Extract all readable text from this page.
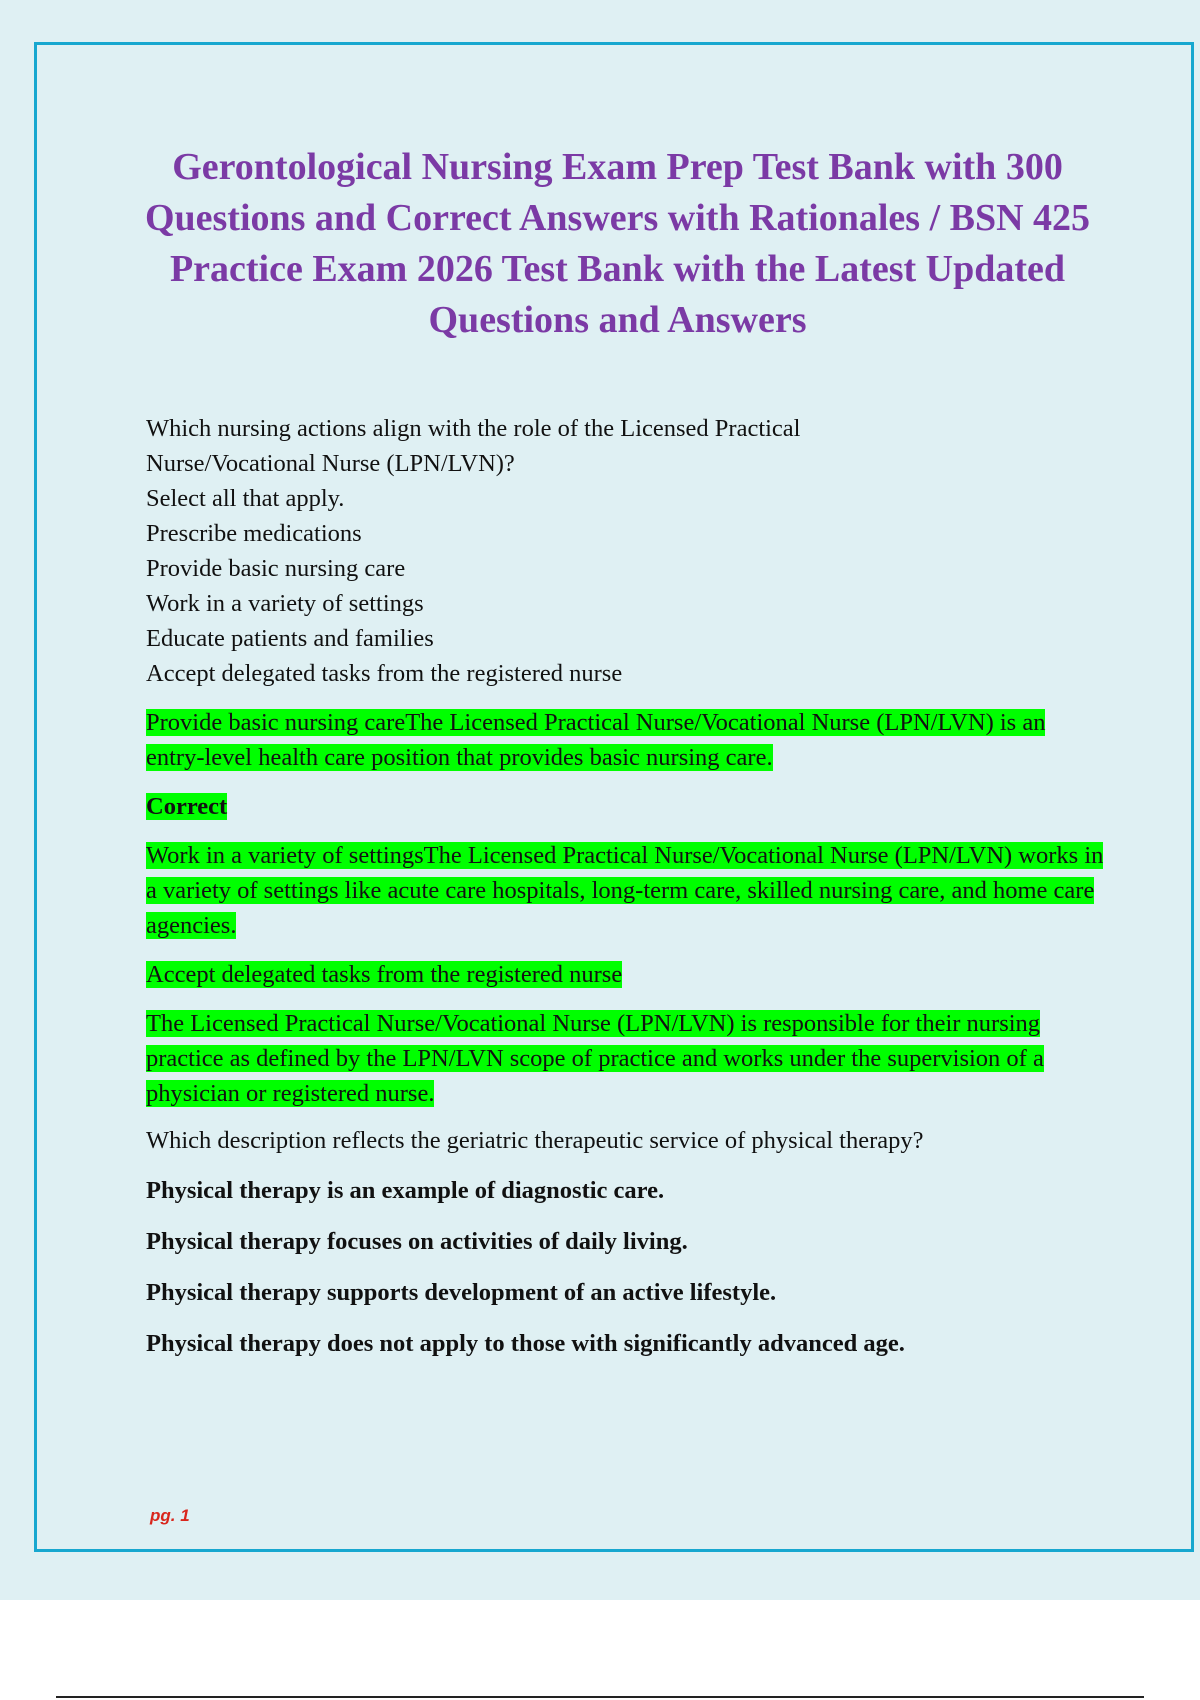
Gerontological Nursing Exam Prep Test Bank with 300 Questions and Correct Answers with Rationales / BSN 425 Practice Exam 2026 Test Bank with the Latest Updated Questions and Answers
Which nursing actions align with the role of the Licensed Practical
Nurse/Vocational Nurse (LPN/LVN)?
Select all that apply.
Prescribe medications
Provide basic nursing care
Work in a variety of settings
Educate patients and families
Accept delegated tasks from the registered nurse
Provide basic nursing careThe Licensed Practical Nurse/Vocational Nurse (LPN/LVN) is an entry-level health care position that provides basic nursing care.
Correct
Work in a variety of settingsThe Licensed Practical Nurse/Vocational Nurse (LPN/LVN) works in a variety of settings like acute care hospitals, long-term care, skilled nursing care, and home care agencies.
Accept delegated tasks from the registered nurse
The Licensed Practical Nurse/Vocational Nurse (LPN/LVN) is responsible for their nursing practice as defined by the LPN/LVN scope of practice and works under the supervision of a physician or registered nurse.
Which description reflects the geriatric therapeutic service of physical therapy?
Physical therapy is an example of diagnostic care.
Physical therapy focuses on activities of daily living.
Physical therapy supports development of an active lifestyle.
Physical therapy does not apply to those with significantly advanced age.
pg. 1
